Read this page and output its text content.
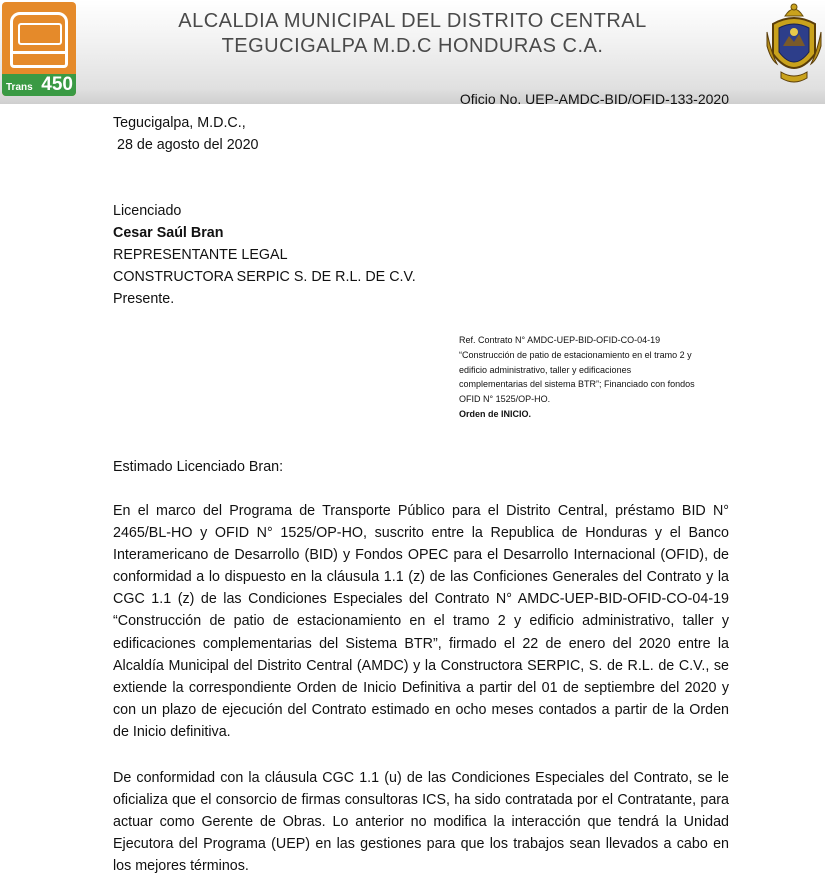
Trans 450
ALCALDIA MUNICIPAL DEL DISTRITO CENTRAL
TEGUCIGALPA M.D.C HONDURAS C.A.
Oficio No. UEP-AMDC-BID/OFID-133-2020
Tegucigalpa, M.D.C.,
28 de agosto del 2020
Licenciado
Cesar Saúl Bran
REPRESENTANTE LEGAL
CONSTRUCTORA SERPIC S. DE R.L. DE C.V.
Presente.
Ref. Contrato N° AMDC-UEP-BID-OFID-CO-04-19
“Construcción de patio de estacionamiento en el tramo 2 y
edificio administrativo, taller y edificaciones
complementarias del sistema BTR”; Financiado con fondos
OFID N° 1525/OP-HO.
Orden de INICIO.
Estimado Licenciado Bran:
En el marco del Programa de Transporte Público para el Distrito Central, préstamo BID N° 2465/BL-HO y OFID N° 1525/OP-HO, suscrito entre la Republica de Honduras y el Banco Interamericano de Desarrollo (BID) y Fondos OPEC para el Desarrollo Internacional (OFID), de conformidad a lo dispuesto en la cláusula 1.1 (z) de las Conficiones Generales del Contrato y la CGC 1.1 (z) de las Condiciones Especiales del Contrato N° AMDC-UEP-BID-OFID-CO-04-19 “Construcción de patio de estacionamiento en el tramo 2 y edificio administrativo, taller y edificaciones complementarias del Sistema BTR”, firmado el 22 de enero del 2020 entre la Alcaldía Municipal del Distrito Central (AMDC) y la Constructora SERPIC, S. de R.L. de C.V., se extiende la correspondiente Orden de Inicio Definitiva a partir del 01 de septiembre del 2020 y con un plazo de ejecución del Contrato estimado en ocho meses contados a partir de la Orden de Inicio definitiva.
De conformidad con la cláusula CGC 1.1 (u) de las Condiciones Especiales del Contrato, se le oficializa que el consorcio de firmas consultoras ICS, ha sido contratada por el Contratante, para actuar como Gerente de Obras. Lo anterior no modifica la interacción que tendrá la Unidad Ejecutora del Programa (UEP) en las gestiones para que los trabajos sean llevados a cabo en los mejores términos.
